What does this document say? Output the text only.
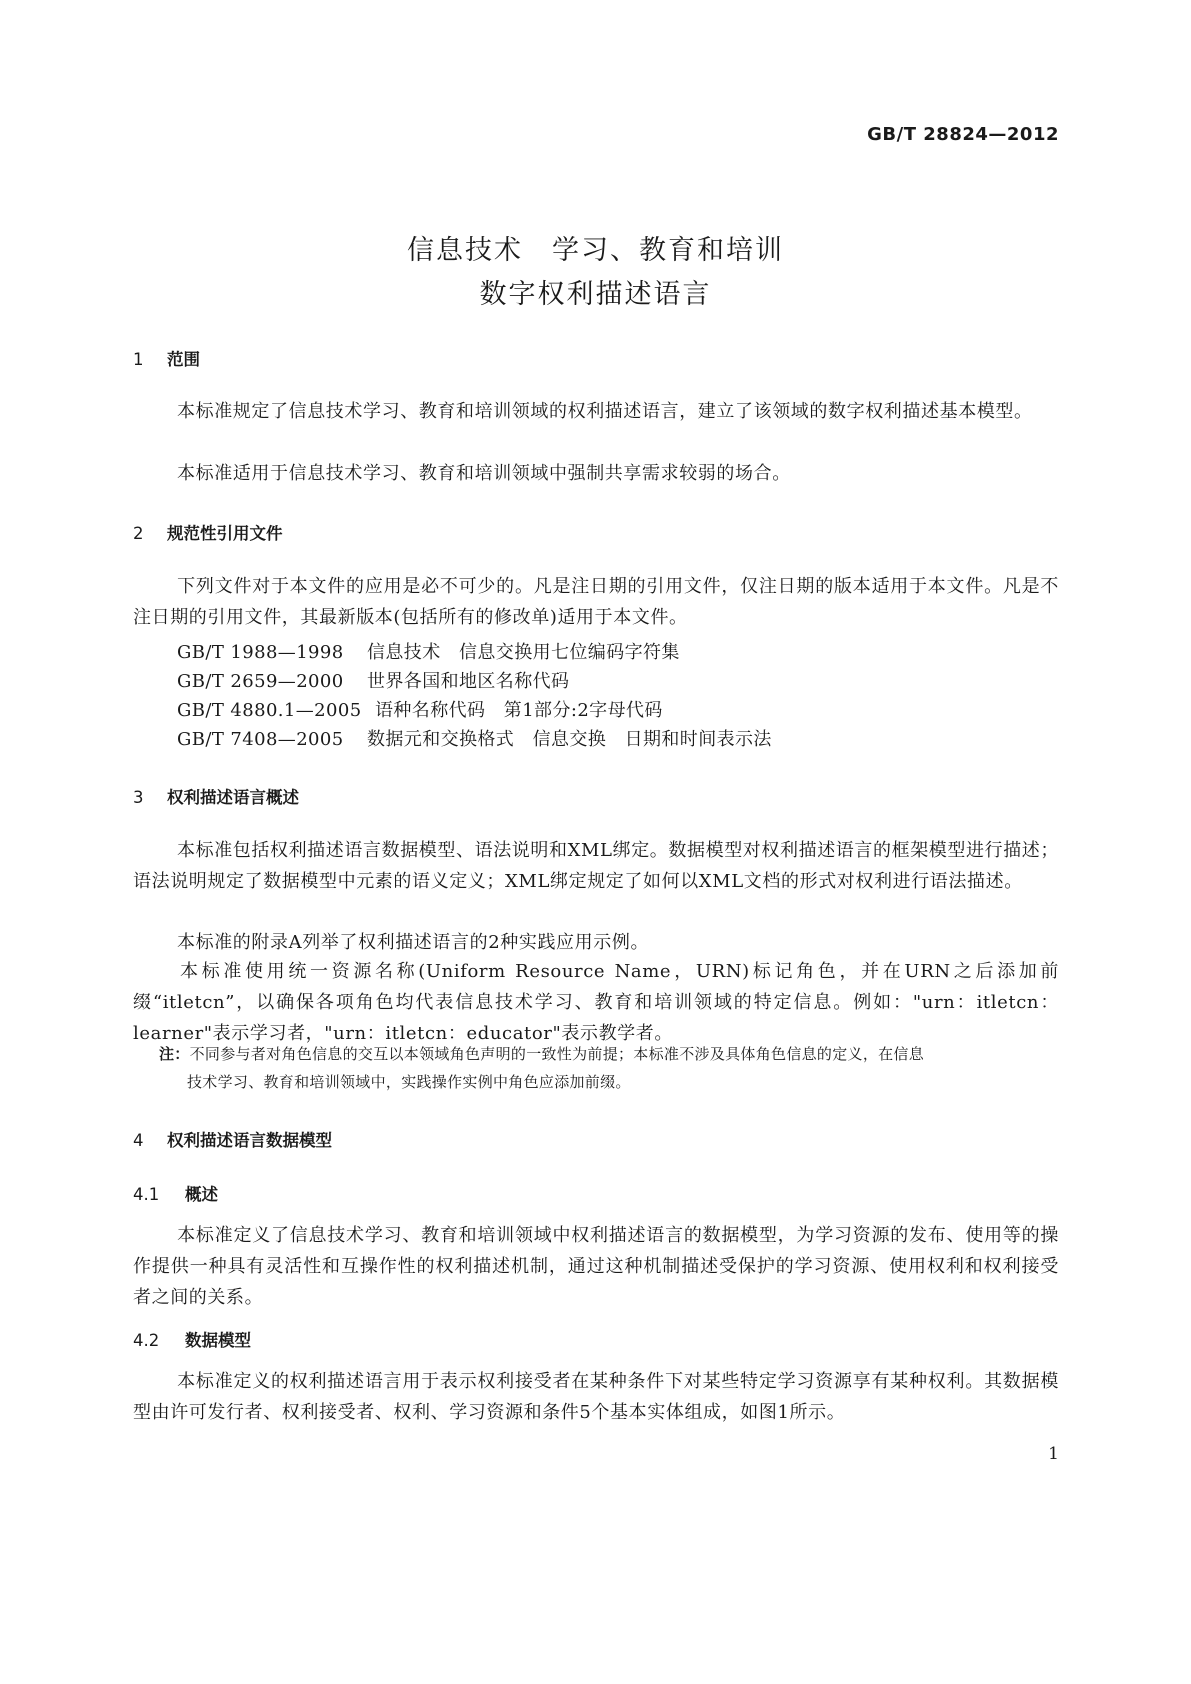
GB/T 28824—2012
信息技术　学习、教育和培训
数字权利描述语言
1 范围
本标准规定了信息技术学习、教育和培训领域的权利描述语言，建立了该领域的数字权利描述基本模型。
本标准适用于信息技术学习、教育和培训领域中强制共享需求较弱的场合。
2 规范性引用文件
下列文件对于本文件的应用是必不可少的。凡是注日期的引用文件，仅注日期的版本适用于本文件。凡是不注日期的引用文件，其最新版本(包括所有的修改单)适用于本文件。
GB/T 1988—1998 信息技术　信息交换用七位编码字符集
GB/T 2659—2000 世界各国和地区名称代码
GB/T 4880.1—2005 语种名称代码　第1部分:2字母代码
GB/T 7408—2005 数据元和交换格式　信息交换　日期和时间表示法
3 权利描述语言概述
本标准包括权利描述语言数据模型、语法说明和XML绑定。数据模型对权利描述语言的框架模型进行描述；语法说明规定了数据模型中元素的语义定义；XML绑定规定了如何以XML文档的形式对权利进行语法描述。
本标准的附录A列举了权利描述语言的2种实践应用示例。
本标准使用统一资源名称(Uniform Resource Name，URN)标记角色，并在URN之后添加前缀“itletcn”，以确保各项角色均代表信息技术学习、教育和培训领域的特定信息。例如："urn：itletcn：learner"表示学习者，"urn：itletcn：educator"表示教学者。
注：不同参与者对角色信息的交互以本领域角色声明的一致性为前提；本标准不涉及具体角色信息的定义，在信息
技术学习、教育和培训领域中，实践操作实例中角色应添加前缀。
4 权利描述语言数据模型
4.1 概述
本标准定义了信息技术学习、教育和培训领域中权利描述语言的数据模型，为学习资源的发布、使用等的操作提供一种具有灵活性和互操作性的权利描述机制，通过这种机制描述受保护的学习资源、使用权利和权利接受者之间的关系。
4.2 数据模型
本标准定义的权利描述语言用于表示权利接受者在某种条件下对某些特定学习资源享有某种权利。其数据模型由许可发行者、权利接受者、权利、学习资源和条件5个基本实体组成，如图1所示。
1
